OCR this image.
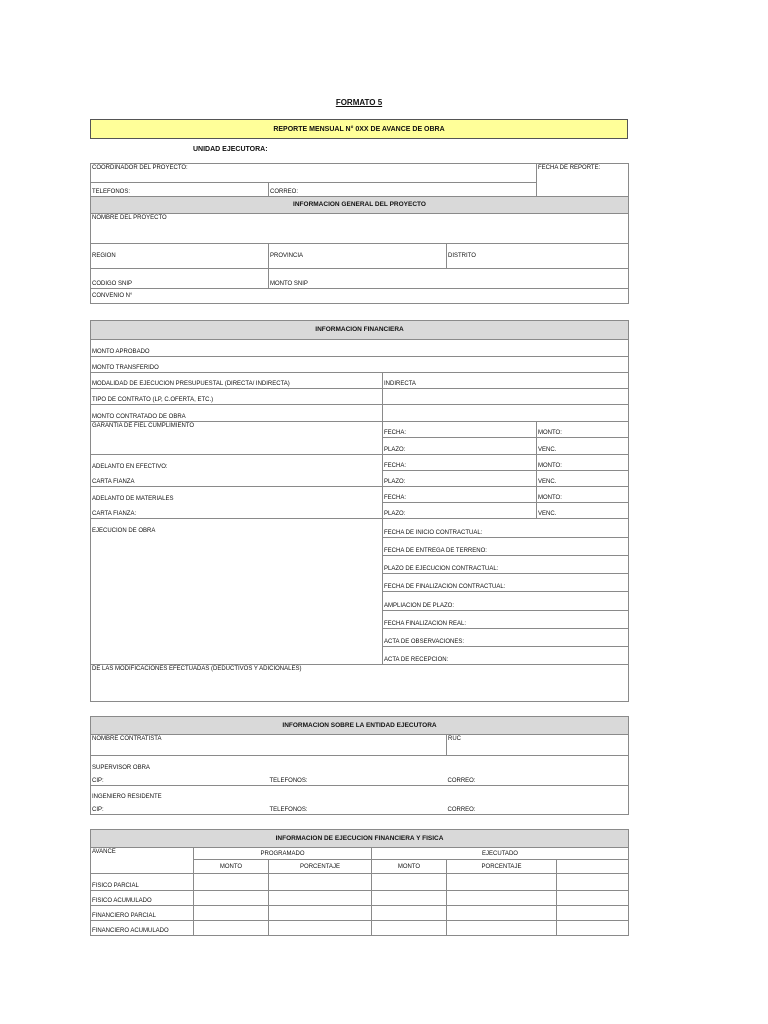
FORMATO 5
REPORTE MENSUAL N° 0XX DE AVANCE DE OBRA
UNIDAD EJECUTORA:
COORDINADOR DEL PROYECTO:			FECHA DE REPORTE:
TELEFONOS:	CORREO:		
INFORMACION GENERAL DEL PROYECTO			
NOMBRE DEL PROYECTO			
REGION	PROVINCIA	DISTRITO	
CODIGO SNIP	MONTO SNIP		
CONVENIO N°			
INFORMACION FINANCIERA		
MONTO APROBADO		
MONTO TRANSFERIDO		
MODALIDAD DE EJECUCION PRESUPUESTAL (DIRECTA/ INDIRECTA)	INDIRECTA	
TIPO DE CONTRATO (LP, C.OFERTA, ETC.)		
MONTO CONTRATADO DE OBRA		
GARANTIA DE FIEL CUMPLIMIENTO	FECHA:	MONTO:
	PLAZO:	VENC.
ADELANTO EN EFECTIVO:	FECHA:	MONTO:
CARTA FIANZA	PLAZO:	VENC.
ADELANTO DE MATERIALES	FECHA:	MONTO:
CARTA FIANZA:	PLAZO:	VENC.
EJECUCION DE OBRA	FECHA DE INICIO CONTRACTUAL:	
	FECHA DE ENTREGA DE TERRENO:	
	PLAZO DE EJECUCION CONTRACTUAL:	
	FECHA DE FINALIZACION CONTRACTUAL:	
	AMPLIACION DE PLAZO:	
	FECHA FINALIZACION REAL:	
	ACTA DE OBSERVACIONES:	
	ACTA DE RECEPCION:	
DE LAS MODIFICACIONES EFECTUADAS (DEDUCTIVOS Y ADICIONALES)		
INFORMACION SOBRE LA ENTIDAD EJECUTORA		
NOMBRE CONTRATISTA		RUC
SUPERVISOR OBRA		
CIP:	TELEFONOS:	CORREO:
INGENIERO RESIDENTE		
CIP:	TELEFONOS:	CORREO:
INFORMACION DE EJECUCION FINANCIERA Y FISICA					
AVANCE	PROGRAMADO		EJECUTADO		
	MONTO	PORCENTAJE	MONTO	PORCENTAJE	
FISICO PARCIAL					
FISICO ACUMULADO					
FINANCIERO PARCIAL					
FINANCIERO ACUMULADO					
